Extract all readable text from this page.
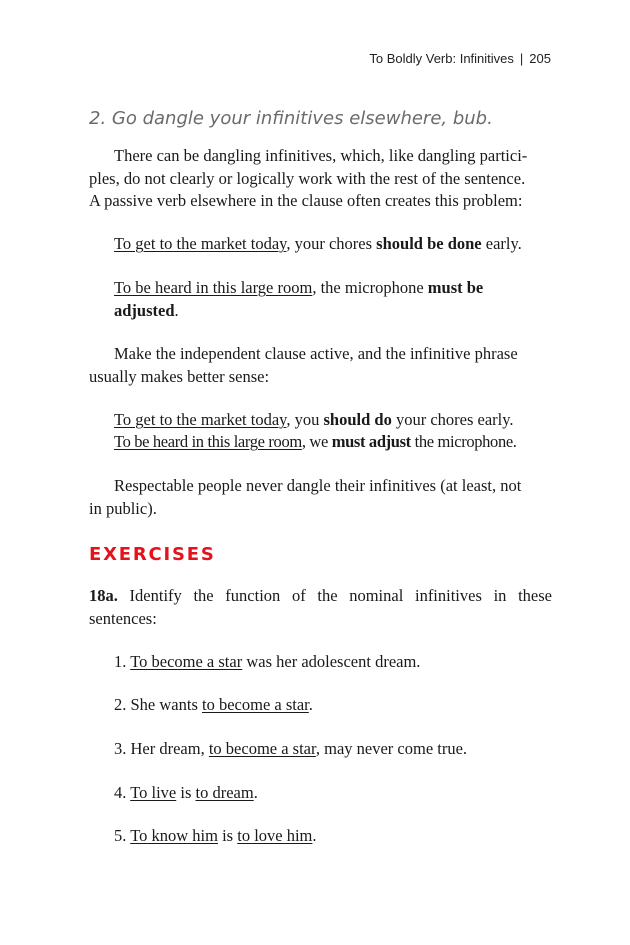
To Boldly Verb: Infinitives | 205
2. Go dangle your infinitives elsewhere, bub.
There can be dangling infinitives, which, like dangling partici-
ples, do not clearly or logically work with the rest of the sentence.
A passive verb elsewhere in the clause often creates this problem:
To get to the market today, your chores should be done early.
To be heard in this large room, the microphone must be adjusted.
Make the independent clause active, and the infinitive phrase
usually makes better sense:
To get to the market today, you should do your chores early.
To be heard in this large room, we must adjust the microphone.
Respectable people never dangle their infinitives (at least, not
in public).
EXERCISES
18a. Identify the function of the nominal infinitives in these sentences:
1. To become a star was her adolescent dream.
2. She wants to become a star.
3. Her dream, to become a star, may never come true.
4. To live is to dream.
5. To know him is to love him.
